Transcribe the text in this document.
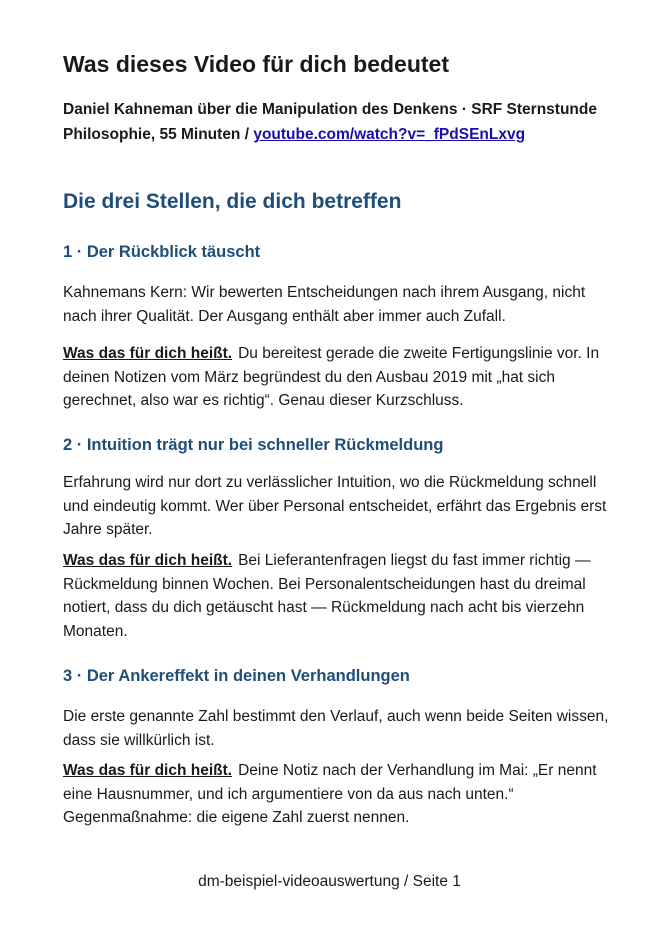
Was dieses Video für dich bedeutet

Daniel Kahneman über die Manipulation des Denkens · SRF Sternstunde Philosophie, 55 Minuten / youtube.com/watch?v=_fPdSEnLxvg

Die drei Stellen, die dich betreffen
1 · Der Rückblick täuscht

Kahnemans Kern: Wir bewerten Entscheidungen nach ihrem Ausgang, nicht nach ihrer Qualität. Der Ausgang enthält aber immer auch Zufall.

Was das für dich heißt. Du bereitest gerade die zweite Fertigungslinie vor. In deinen Notizen vom März begründest du den Ausbau 2019 mit „hat sich gerechnet, also war es richtig“. Genau dieser Kurzschluss.

2 · Intuition trägt nur bei schneller Rückmeldung

Erfahrung wird nur dort zu verlässlicher Intuition, wo die Rückmeldung schnell und eindeutig kommt. Wer über Personal entscheidet, erfährt das Ergebnis erst Jahre später.

Was das für dich heißt. Bei Lieferantenfragen liegst du fast immer richtig — Rückmeldung binnen Wochen. Bei Personalentscheidungen hast du dreimal notiert, dass du dich getäuscht hast — Rückmeldung nach acht bis vierzehn Monaten.

3 · Der Ankereffekt in deinen Verhandlungen

Die erste genannte Zahl bestimmt den Verlauf, auch wenn beide Seiten wissen, dass sie willkürlich ist.

Was das für dich heißt. Deine Notiz nach der Verhandlung im Mai: „Er nennt eine Hausnummer, und ich argumentiere von da aus nach unten.“ Gegenmaßnahme: die eigene Zahl zuerst nennen.

dm-beispiel-videoauswertung / Seite 1
